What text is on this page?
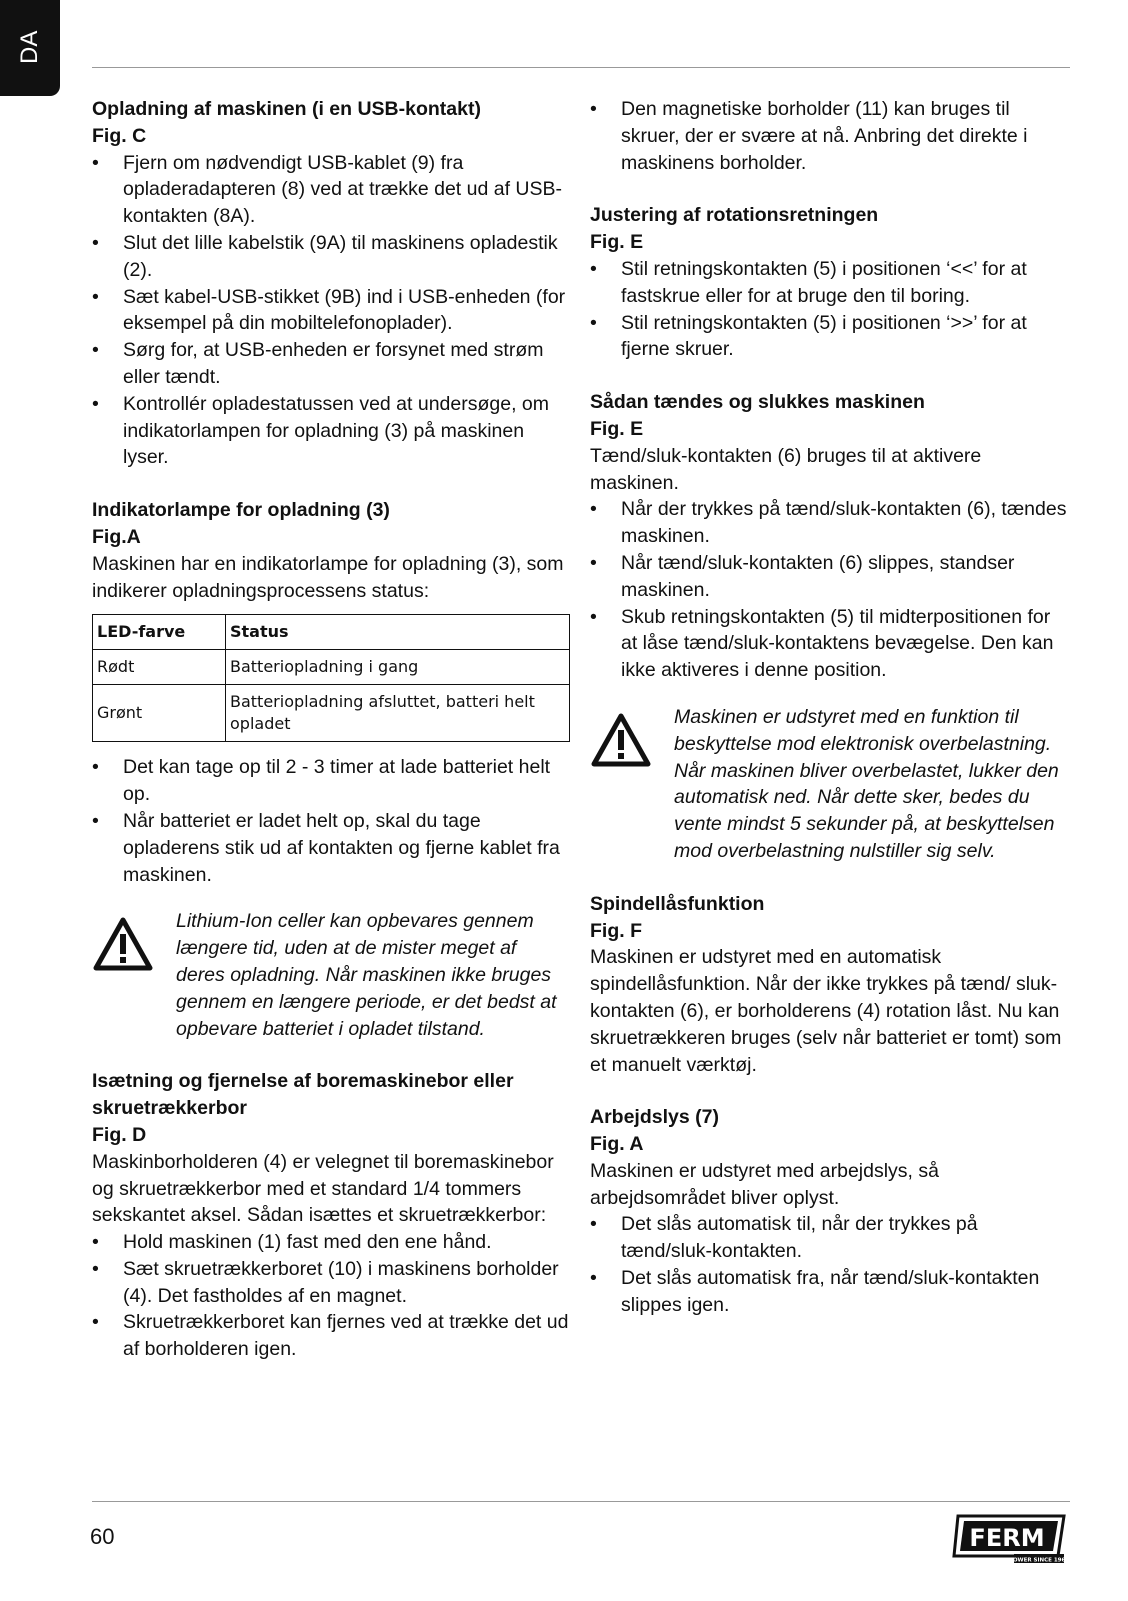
DA
Opladning af maskinen (i en USB-kontakt)
Fig. C
• Fjern om nødvendigt USB-kablet (9) fra opladeradapteren (8) ved at trække det ud af USB-kontakten (8A).
• Slut det lille kabelstik (9A) til maskinens opladestik (2).
• Sæt kabel-USB-stikket (9B) ind i USB-enheden (for eksempel på din mobiltelefonoplader).
• Sørg for, at USB-enheden er forsynet med strøm eller tændt.
• Kontrollér opladestatussen ved at undersøge, om indikatorlampen for opladning (3) på maskinen lyser.
Indikatorlampe for opladning (3)
Fig.A

Maskinen har en indikatorlampe for opladning (3), som indikerer opladningsprocessens status:

LED-farve	Status
Rødt	Batteriopladning i gang
Grønt	Batteriopladning afsluttet, batteri helt opladet
• Det kan tage op til 2 - 3 timer at lade batteriet helt op.
• Når batteriet er ladet helt op, skal du tage opladerens stik ud af kontakten og fjerne kablet fra maskinen.
Lithium-Ion celler kan opbevares gennem længere tid, uden at de mister meget af deres opladning. Når maskinen ikke bruges gennem en længere periode, er det bedst at opbevare batteriet i opladet tilstand.
Isætning og fjernelse af boremaskinebor eller skruetrækkerbor
Fig. D

Maskinborholderen (4) er velegnet til boremaskinebor og skruetrækkerbor med et standard 1/4 tommers sekskantet aksel. Sådan isættes et skruetrækkerbor:

• Hold maskinen (1) fast med den ene hånd.
• Sæt skruetrækkerboret (10) i maskinens borholder (4). Det fastholdes af en magnet.
• Skruetrækkerboret kan fjernes ved at trække det ud af borholderen igen.
• Den magnetiske borholder (11) kan bruges til skruer, der er svære at nå. Anbring det direkte i maskinens borholder.
Justering af rotationsretningen
Fig. E
• Stil retningskontakten (5) i positionen ‘<<’ for at fastskrue eller for at bruge den til boring.
• Stil retningskontakten (5) i positionen ‘>>’ for at fjerne skruer.
Sådan tændes og slukkes maskinen
Fig. E

Tænd/sluk-kontakten (6) bruges til at aktivere maskinen.

• Når der trykkes på tænd/sluk-kontakten (6), tændes maskinen.
• Når tænd/sluk-kontakten (6) slippes, standser maskinen.
• Skub retningskontakten (5) til midterpositionen for at låse tænd/sluk-kontaktens bevægelse. Den kan ikke aktiveres i denne position.
Maskinen er udstyret med en funktion til beskyttelse mod elektronisk overbelastning. Når maskinen bliver overbelastet, lukker den automatisk ned. Når dette sker, bedes du vente mindst 5 sekunder på, at beskyttelsen mod overbelastning nulstiller sig selv.
Spindellåsfunktion
Fig. F

Maskinen er udstyret med en automatisk spindellåsfunktion. Når der ikke trykkes på tænd/ sluk-kontakten (6), er borholderens (4) rotation låst. Nu kan skruetrækkeren bruges (selv når batteriet er tomt) som et manuelt værktøj.

Arbejdslys (7)
Fig. A

Maskinen er udstyret med arbejdslys, så arbejdsområdet bliver oplyst.

• Det slås automatisk til, når der trykkes på tænd/sluk-kontakten.
• Det slås automatisk fra, når tænd/sluk-kontakten slippes igen.
60	FERM
POWER SINCE 1965
